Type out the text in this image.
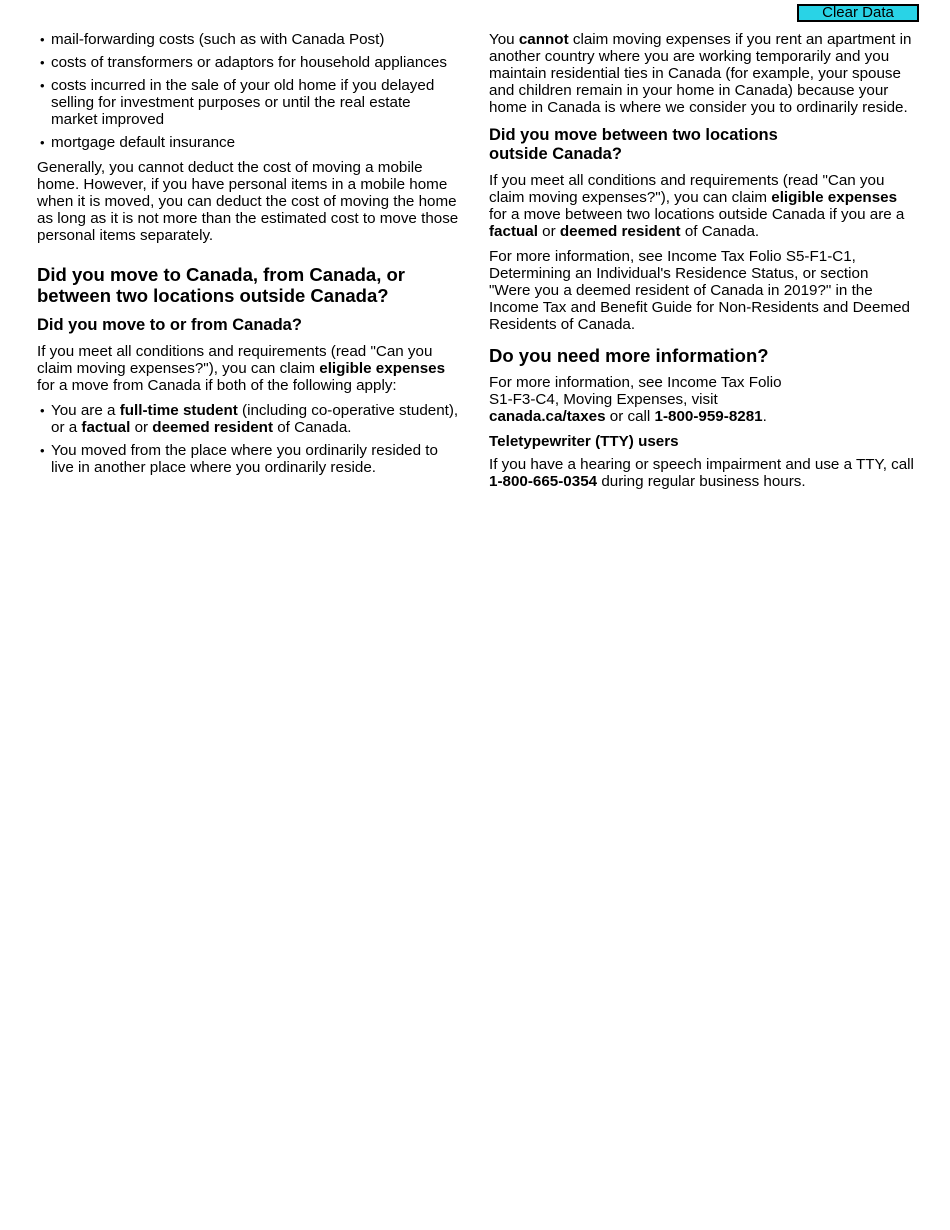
Clear Data
• mail-forwarding costs (such as with Canada Post)
• costs of transformers or adaptors for household appliances
• costs incurred in the sale of your old home if you delayed selling for investment purposes or until the real estate market improved
• mortgage default insurance

Generally, you cannot deduct the cost of moving a mobile home. However, if you have personal items in a mobile home when it is moved, you can deduct the cost of moving the home as long as it is not more than the estimated cost to move those personal items separately.

Did you move to Canada, from Canada, or between two locations outside Canada?
Did you move to or from Canada?

If you meet all conditions and requirements (read "Can you claim moving expenses?"), you can claim eligible expenses for a move from Canada if both of the following apply:

• You are a full-time student (including co-operative student), or a factual or deemed resident of Canada.
• You moved from the place where you ordinarily resided to live in another place where you ordinarily reside.

You cannot claim moving expenses if you rent an apartment in another country where you are working temporarily and you maintain residential ties in Canada (for example, your spouse and children remain in your home in Canada) because your home in Canada is where we consider you to ordinarily reside.

Did you move between two locations outside Canada?

If you meet all conditions and requirements (read "Can you claim moving expenses?"), you can claim eligible expenses for a move between two locations outside Canada if you are a factual or deemed resident of Canada.

For more information, see Income Tax Folio S5-F1-C1, Determining an Individual's Residence Status, or section "Were you a deemed resident of Canada in 2019?" in the Income Tax and Benefit Guide for Non-Residents and Deemed Residents of Canada.

Do you need more information?

For more information, see Income Tax Folio S1-F3-C4, Moving Expenses, visit canada.ca/taxes or call 1-800-959-8281.

Teletypewriter (TTY) users

If you have a hearing or speech impairment and use a TTY, call 1-800-665-0354 during regular business hours.
